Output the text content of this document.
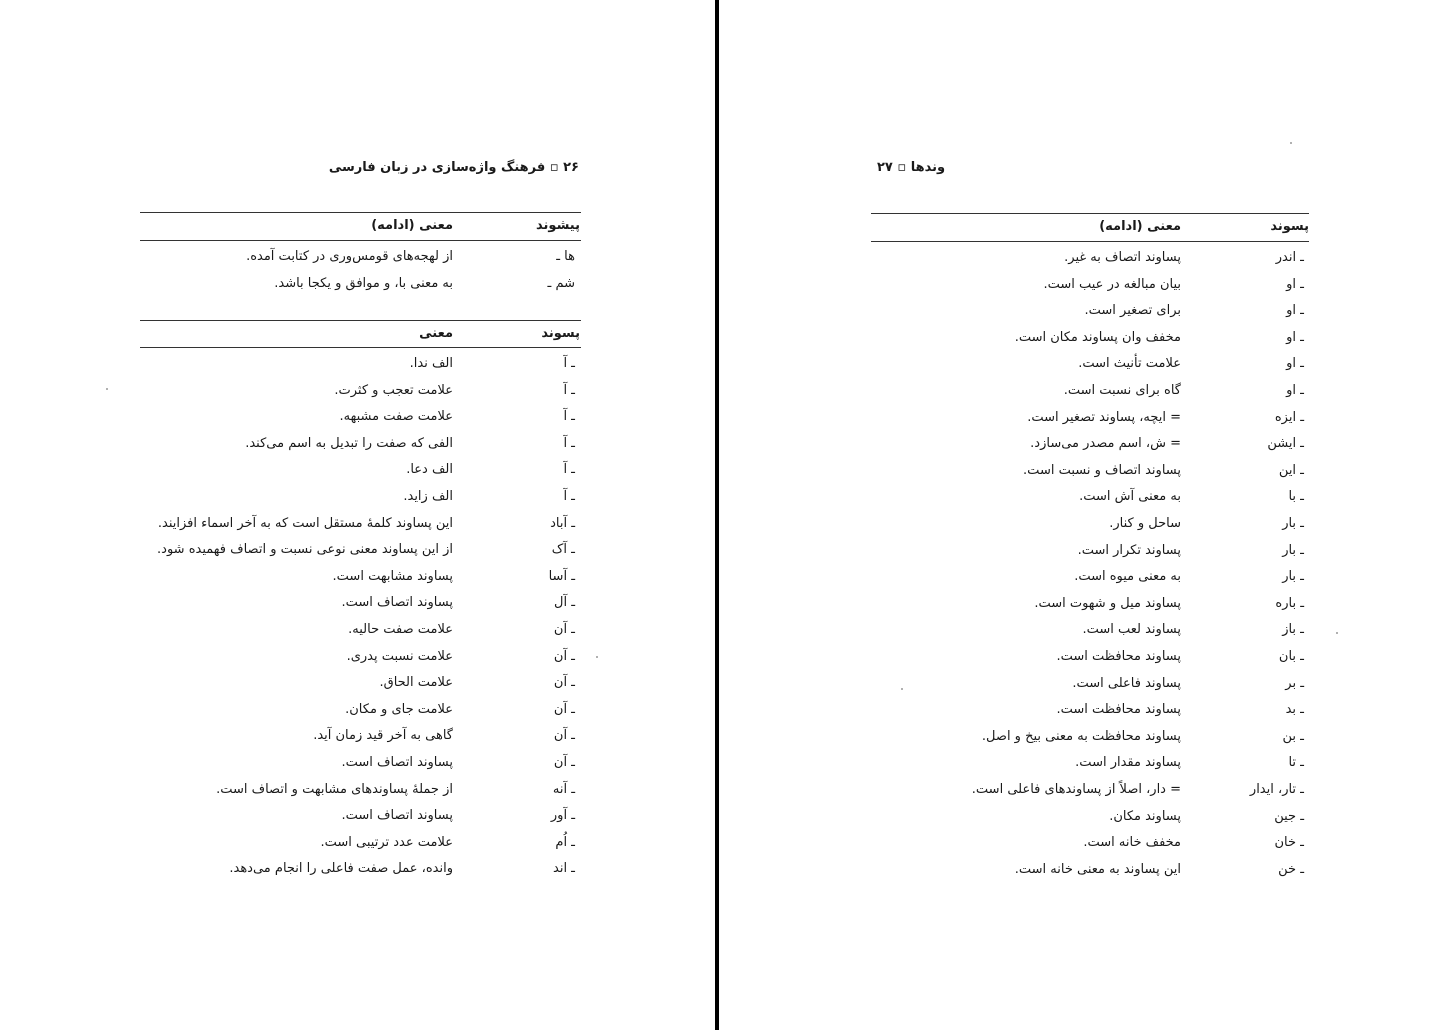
۲۶ ▫ فرهنگ واژه‌سازی در زبان فارسی
پیشوند
معنی (ادامه)
ها ـ
از لهجه‌های قومس‌وری در کتابت آمده.
شم ـ
به معنی با، و موافق و یکجا باشد.
پسوند
معنی
ـ آ
الف ندا.
ـ آ
علامت تعجب و کثرت.
ـ آ
علامت صفت مشبهه.
ـ آ
الفی که صفت را تبدیل به اسم می‌کند.
ـ آ
الف دعا.
ـ آ
الف زاید.
ـ آباد
این پساوند کلمهٔ مستقل است که به آخر اسماء افزایند.
ـ آک
از این پساوند معنی نوعی نسبت و اتصاف فهمیده شود.
ـ آسا
پساوند مشابهت است.
ـ آل
پساوند اتصاف است.
ـ آن
علامت صفت حالیه.
ـ آن
علامت نسبت پدری.
ـ آن
علامت الحاق.
ـ آن
علامت جای و مکان.
ـ آن
گاهی به آخر قید زمان آید.
ـ آن
پساوند اتصاف است.
ـ آنه
از جملهٔ پساوندهای مشابهت و اتصاف است.
ـ آور
پساوند اتصاف است.
ـ اُم
علامت عدد ترتیبی است.
ـ اند
وانده، عمل صفت فاعلی را انجام می‌دهد.
وندها ▫ ۲۷
پسوند
معنی (ادامه)
ـ اندر
پساوند اتصاف به غیر.
ـ او
بیان مبالغه در عیب است.
ـ او
برای تصغیر است.
ـ او
مخفف وان پساوند مکان است.
ـ او
علامت تأنیث است.
ـ او
گاه برای نسبت است.
ـ ایزه
= ایچه، پساوند تصغیر است.
ـ ایشن
= ش، اسم مصدر می‌سازد.
ـ این
پساوند اتصاف و نسبت است.
ـ با
به معنی آش است.
ـ بار
ساحل و کنار.
ـ بار
پساوند تکرار است.
ـ بار
به معنی میوه است.
ـ باره
پساوند میل و شهوت است.
ـ باز
پساوند لعب است.
ـ بان
پساوند محافظت است.
ـ بر
پساوند فاعلی است.
ـ بد
پساوند محافظت است.
ـ بن
پساوند محافظت به معنی بیخ و اصل.
ـ تا
پساوند مقدار است.
ـ تار، ایدار
= دار، اصلاً از پساوندهای فاعلی است.
ـ جین
پساوند مکان.
ـ خان
مخفف خانه است.
ـ خن
این پساوند به معنی خانه است.
